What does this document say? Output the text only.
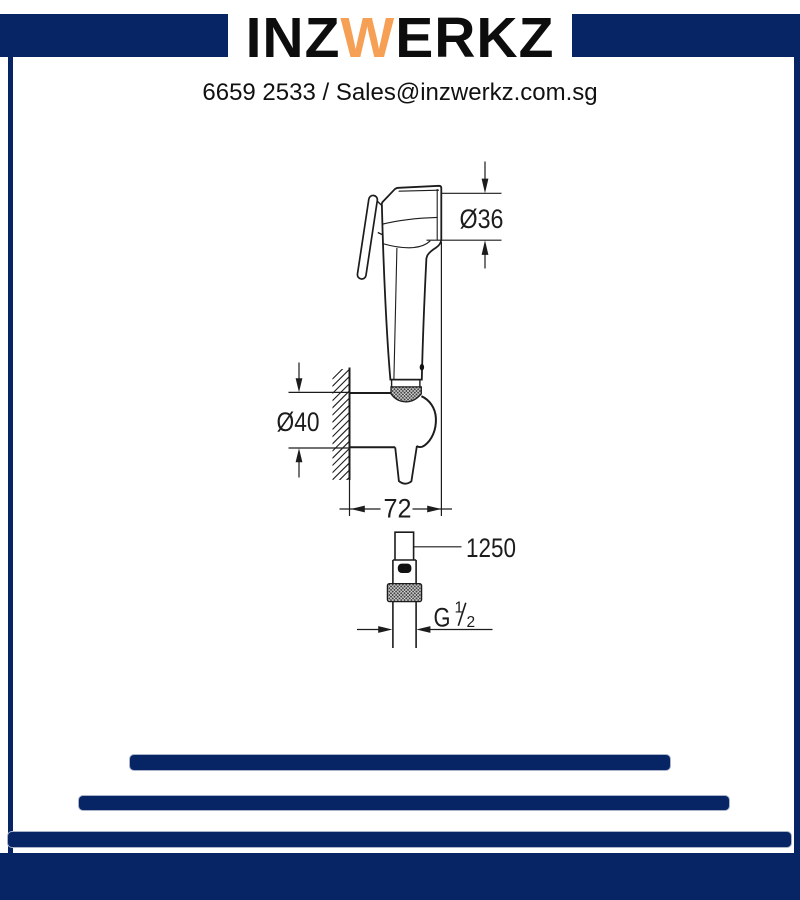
INZWERKZ
6659 2533 / Sales@inzwerkz.com.sg
Ø36
Ø40
72
1250
G 1
2
